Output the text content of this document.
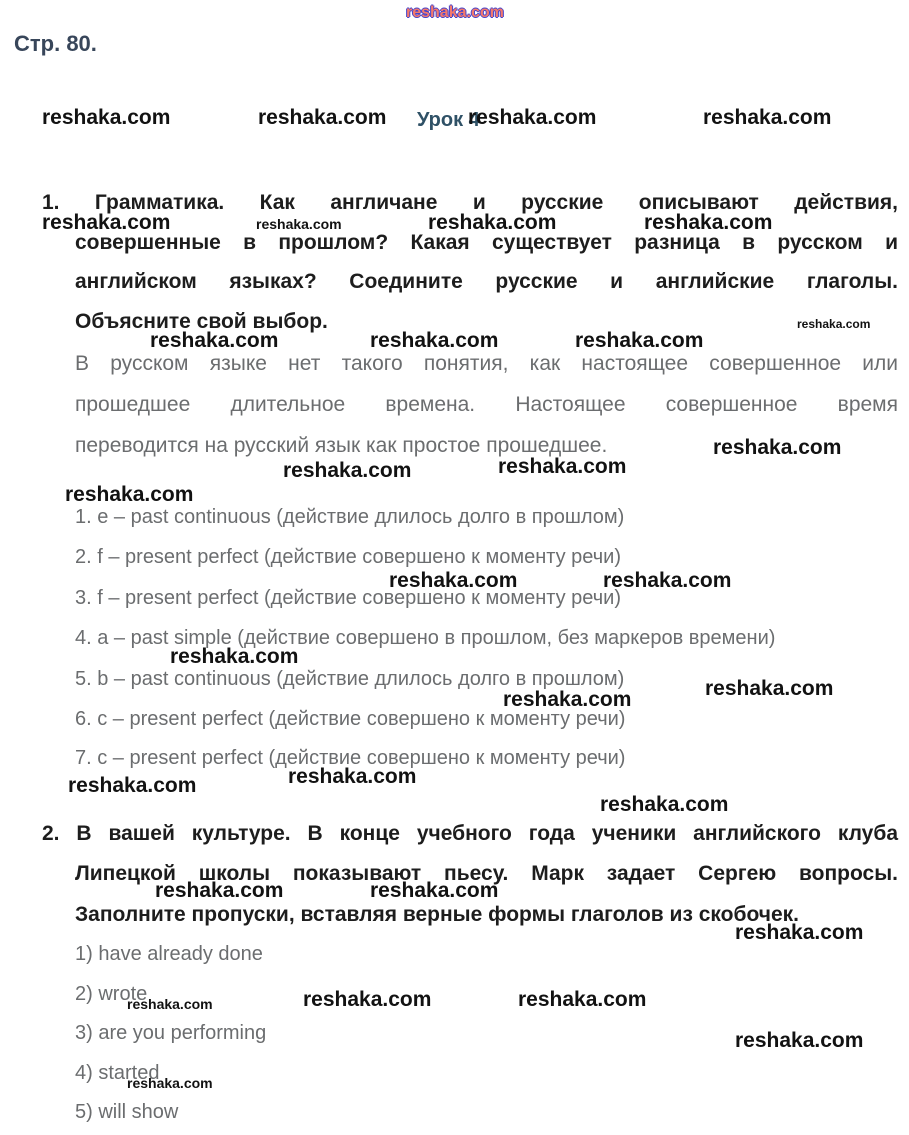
reshaka.com
Стр. 80.
reshaka.com	reshaka.com Урок 4
reshaka.com	reshaka.com
1. Грамматика. Как англичане и русские описывают действия,
совершенные в прошлом? Какая существует разница в русском и
английском языках? Соедините русские и английские глаголы.
Объясните свой выбор.
reshaka.com	reshaka.com	reshaka.com	reshaka.com
reshaka.com	reshaka.com	reshaka.com
reshaka.com
В русском языке нет такого понятия, как настоящее совершенное или
прошедшее длительное времена. Настоящее совершенное время
переводится на русский язык как простое прошедшее.	reshaka.com
reshaka.com
reshaka.com
reshaka.com
1. e – past continuous (действие длилось долго в прошлом)
2. f – present perfect (действие совершено к моменту речи)
3. f – present perfect (действие совершено к моменту речи)
4. a – past simple (действие совершено в прошлом, без маркеров времени)
5. b – past continuous (действие длилось долго в прошлом)
6. c – present perfect (действие совершено к моменту речи)
7. c – present perfect (действие совершено к моменту речи)
reshaka.com	reshaka.com
reshaka.com
reshaka.com
reshaka.com
reshaka.com
reshaka.com
reshaka.com
2. В вашей культуре. В конце учебного года ученики английского клуба
Липецкой школы показывают пьесу. Марк задает Сергею вопросы.
Заполните пропуски, вставляя верные формы глаголов из скобочек.
reshaka.com	reshaka.com
reshaka.com
1) have already done
2) wrote
3) are you performing
4) started
5) will show
reshaka.com	reshaka.com	reshaka.com
reshaka.com
reshaka.com
